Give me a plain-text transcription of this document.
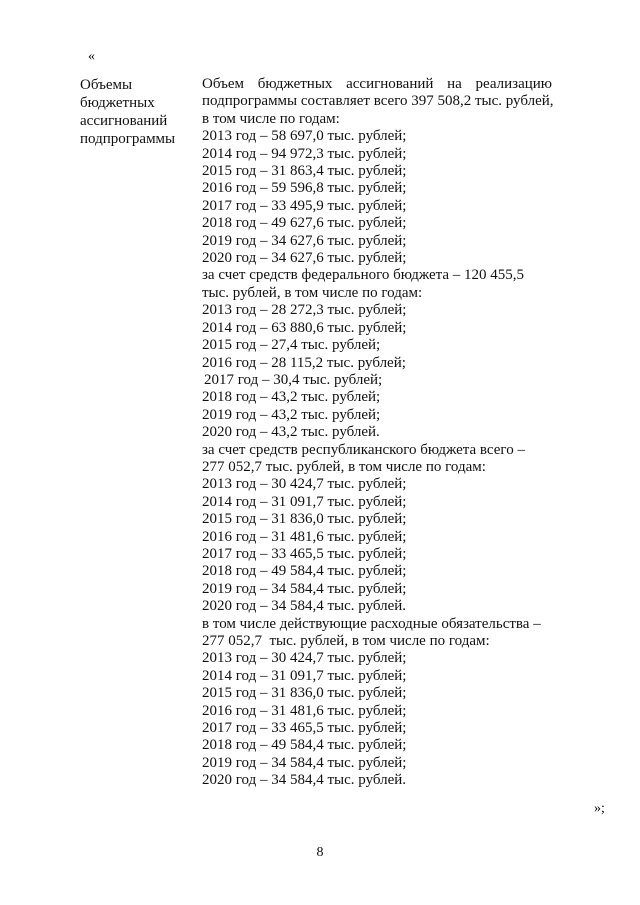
«
Объемы
бюджетных
ассигнований
подпрограммы
Объем бюджетных ассигнований на реализацию
подпрограммы составляет всего 397 508,2 тыс. рублей,
в том числе по годам:
2013 год – 58 697,0 тыс. рублей;
2014 год – 94 972,3 тыс. рублей;
2015 год – 31 863,4 тыс. рублей;
2016 год – 59 596,8 тыс. рублей;
2017 год – 33 495,9 тыс. рублей;
2018 год – 49 627,6 тыс. рублей;
2019 год – 34 627,6 тыс. рублей;
2020 год – 34 627,6 тыс. рублей;
за счет средств федерального бюджета – 120 455,5
тыс. рублей, в том числе по годам:
2013 год – 28 272,3 тыс. рублей;
2014 год – 63 880,6 тыс. рублей;
2015 год – 27,4 тыс. рублей;
2016 год – 28 115,2 тыс. рублей;
2017 год – 30,4 тыс. рублей;
2018 год – 43,2 тыс. рублей;
2019 год – 43,2 тыс. рублей;
2020 год – 43,2 тыс. рублей.
за счет средств республиканского бюджета всего –
277 052,7 тыс. рублей, в том числе по годам:
2013 год – 30 424,7 тыс. рублей;
2014 год – 31 091,7 тыс. рублей;
2015 год – 31 836,0 тыс. рублей;
2016 год – 31 481,6 тыс. рублей;
2017 год – 33 465,5 тыс. рублей;
2018 год – 49 584,4 тыс. рублей;
2019 год – 34 584,4 тыс. рублей;
2020 год – 34 584,4 тыс. рублей.
в том числе действующие расходные обязательства –
277 052,7  тыс. рублей, в том числе по годам:
2013 год – 30 424,7 тыс. рублей;
2014 год – 31 091,7 тыс. рублей;
2015 год – 31 836,0 тыс. рублей;
2016 год – 31 481,6 тыс. рублей;
2017 год – 33 465,5 тыс. рублей;
2018 год – 49 584,4 тыс. рублей;
2019 год – 34 584,4 тыс. рублей;
2020 год – 34 584,4 тыс. рублей.
»;
8
